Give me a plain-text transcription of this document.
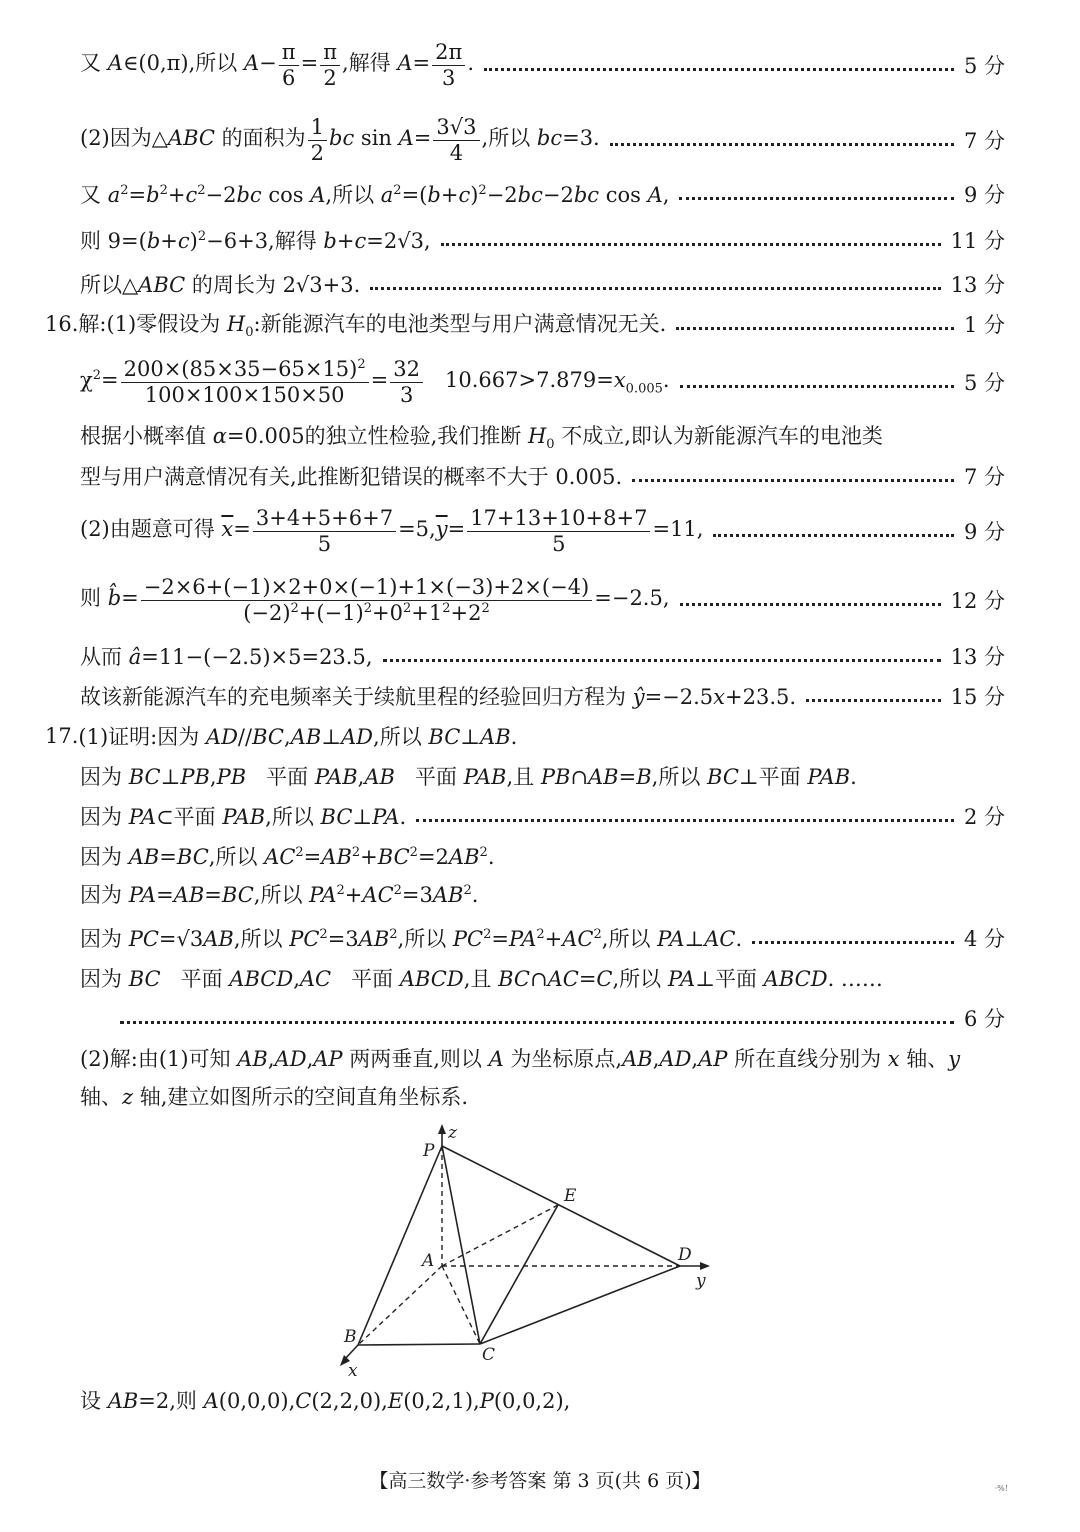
又 A∈(0,π),所以 $A- \frac{\pi}{6} = \frac{\pi}{2}$ ,解得 $A= \frac{2\pi}{3}$ .	5 分
(2)因为△ABC 的面积为 $\frac{1}{2}$ bc $\sin A= \frac{3√3}{4}$ ,所以 bc=3.	7 分
又 $a^2=b^2+c^2-2bc$ cos A,所以 $a^2=(b+c)^2-2bc-2bc$ cos A,	9 分
则 $9=(b+c)^2-6+3$,解得 b+c=2√3,	11 分
所以△ABC 的周长为 2√3+3.	13 分
16. 解:(1)零假设为 $H_0$:新能源汽车的电池类型与用户满意情况无关.	1 分
$\chi^2= \frac{200\times(85\times 35-65\times 15)^2}{100\times 100\times 150\times 50} = \frac{32}{3} 10.667>7.879=x_{0.005}$.	5 分
根据小概率值 α=0.005的独立性检验,我们推断 $H_0$ 不成立,即认为新能源汽车的电池类
型与用户满意情况有关,此推断犯错误的概率不大于 0.005.	7 分
(2)由题意可得 $\overline{x}= \frac{3+4+5+6+7}{5} =5,\overline{y}= \frac{17+13+10+8+7}{5} =11$,	9 分
则 b̂= $\frac{-2\times 6+(-1)\times 2+0\times(-1)+1\times(-3)+2\times(-4)}{(-2)^2+(-1)^2+0^2+1^2+2^2} =-2.5$,	12 分
从而 â=11−(−2.5)×5=23.5,	13 分
故该新能源汽车的充电频率关于续航里程的经验回归方程为 ŷ=−2.5x+23.5.	15 分
17. (1)证明:因为 AD//BC,AB⊥AD,所以 BC⊥AB.
因为 BC⊥PB,PB   平面 PAB,AB   平面 PAB,且 PB∩AB=B,所以 BC⊥平面 PAB.
因为 PA⊂平面 PAB,所以 BC⊥PA.	2 分
因为 AB=BC,所以 $AC^2=AB^2+BC^2=2AB^2$.
因为 PA=AB=BC,所以 $PA^2+AC^2=3AB^2$.
因为 PC=√3AB,所以 $PC^2=3AB^2$,所以 $PC^2=PA^2+AC^2$,所以 PA⊥AC.	4 分
因为 BC   平面 ABCD,AC   平面 ABCD,且 BC∩AC=C,所以 PA⊥平面 ABCD. ……
6 分
(2)解:由(1)可知 AB,AD,AP 两两垂直,则以 A 为坐标原点,AB,AD,AP 所在直线分别为 x 轴、y 轴、z 轴,建立如图所示的空间直角坐标系.
P
z
E
A	D
y
B
C
x
设 AB=2,则 A(0,0,0),C(2,2,0),E(0,2,1),P(0,0,2),
【高三数学·参考答案 第 3 页(共 6 页)】	·%!
